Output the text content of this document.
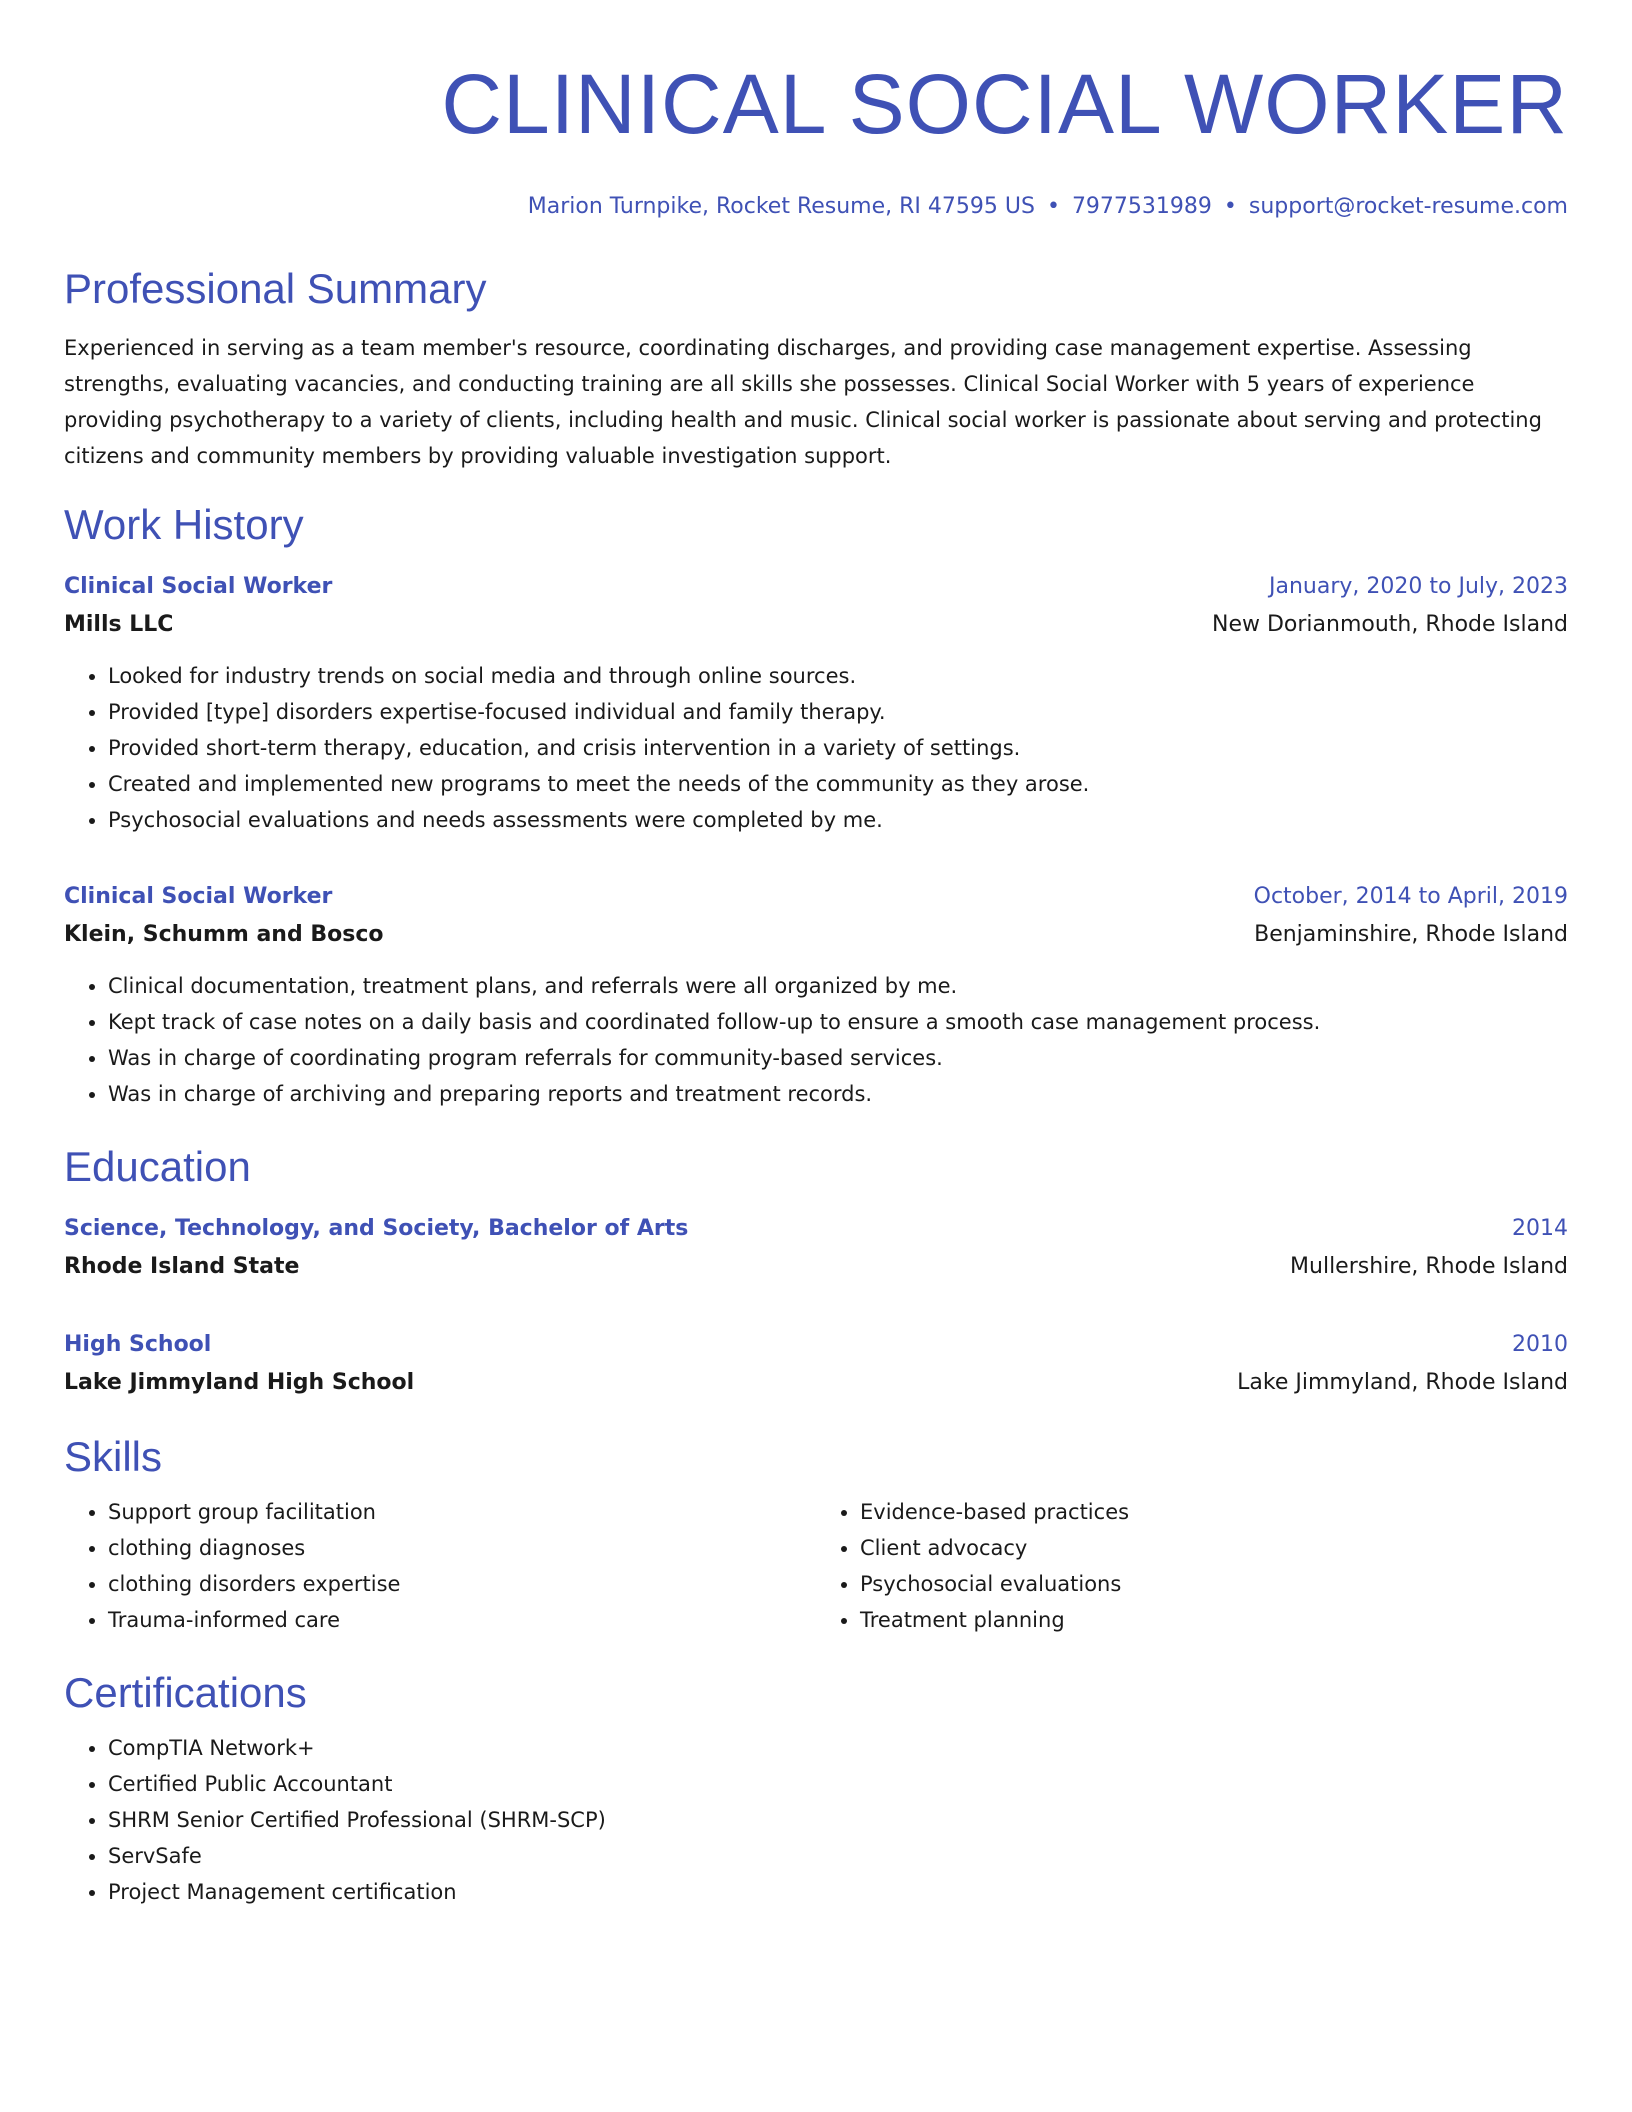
CLINICAL SOCIAL WORKER
Marion Turnpike, Rocket Resume, RI 47595 US • 7977531989 • support@rocket-resume.com
Professional Summary
Experienced in serving as a team member's resource, coordinating discharges, and providing case management expertise. Assessing strengths, evaluating vacancies, and conducting training are all skills she possesses. Clinical Social Worker with 5 years of experience providing psychotherapy to a variety of clients, including health and music. Clinical social worker is passionate about serving and protecting citizens and community members by providing valuable investigation support.
Work History
Clinical Social Worker	January, 2020 to July, 2023
Mills LLC	New Dorianmouth, Rhode Island
• Looked for industry trends on social media and through online sources.
• Provided [type] disorders expertise-focused individual and family therapy.
• Provided short-term therapy, education, and crisis intervention in a variety of settings.
• Created and implemented new programs to meet the needs of the community as they arose.
• Psychosocial evaluations and needs assessments were completed by me.
Clinical Social Worker	October, 2014 to April, 2019
Klein, Schumm and Bosco	Benjaminshire, Rhode Island
• Clinical documentation, treatment plans, and referrals were all organized by me.
• Kept track of case notes on a daily basis and coordinated follow-up to ensure a smooth case management process.
• Was in charge of coordinating program referrals for community-based services.
• Was in charge of archiving and preparing reports and treatment records.
Education
Science, Technology, and Society, Bachelor of Arts	2014
Rhode Island State	Mullershire, Rhode Island
High School	2010
Lake Jimmyland High School	Lake Jimmyland, Rhode Island
Skills
• Support group facilitation
• clothing diagnoses
• clothing disorders expertise
• Trauma-informed care
• Evidence-based practices
• Client advocacy
• Psychosocial evaluations
• Treatment planning
Certifications
• CompTIA Network+
• Certified Public Accountant
• SHRM Senior Certified Professional (SHRM-SCP)
• ServSafe
• Project Management certification
